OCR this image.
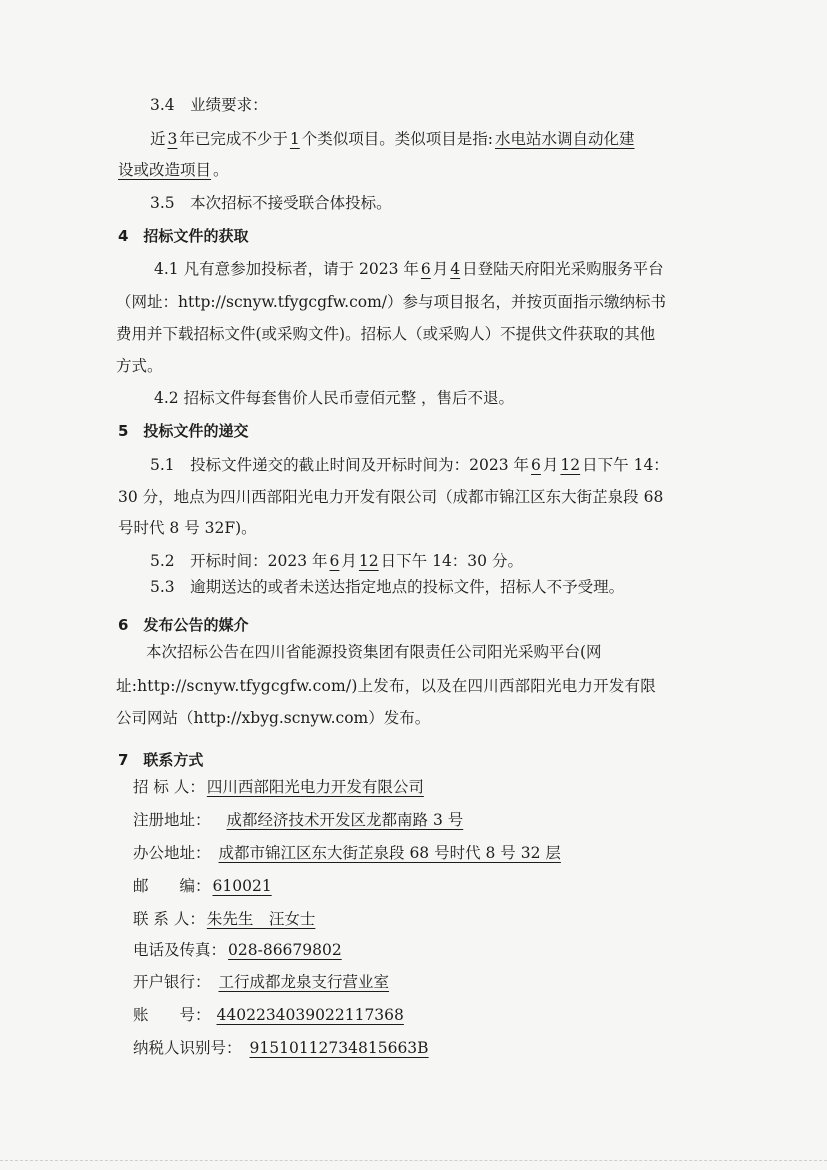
3.4　业绩要求：
近 3 年已完成不少于 1 个类似项目。类似项目是指: 水电站水调自动化建
设或改造项目 。
3.5　本次招标不接受联合体投标。
4　招标文件的获取
4.1 凡有意参加投标者，请于 2023 年 6 月 4 日登陆天府阳光采购服务平台
（网址：http://scnyw.tfygcgfw.com/）参与项目报名，并按页面指示缴纳标书
费用并下载招标文件(或采购文件)。招标人（或采购人）不提供文件获取的其他
方式。
4.2 招标文件每套售价人民币壹佰元整 ，售后不退。
5　投标文件的递交
5.1　投标文件递交的截止时间及开标时间为：2023 年 6 月 12 日下午 14：
30 分，地点为四川西部阳光电力开发有限公司（成都市锦江区东大街芷泉段 68
号时代 8 号 32F)。
5.2　开标时间：2023 年 6 月 12 日下午 14：30 分。
5.3　逾期送达的或者未送达指定地点的投标文件，招标人不予受理。
6　发布公告的媒介
本次招标公告在四川省能源投资集团有限责任公司阳光采购平台(网
址:http://scnyw.tfygcgfw.com/)上发布，以及在四川西部阳光电力开发有限
公司网站（http://xbyg.scnyw.com）发布。
7　联系方式
招 标 人： 四川西部阳光电力开发有限公司
注册地址： 成都经济技术开发区龙都南路 3 号
办公地址： 成都市锦江区东大街芷泉段 68 号时代 8 号 32 层
邮　　编： 610021
联 系 人： 朱先生　汪女士
电话及传真： 028-86679802
开户银行： 工行成都龙泉支行营业室
账　　号： 4402234039022117368
纳税人识别号： 91510112734815663B
